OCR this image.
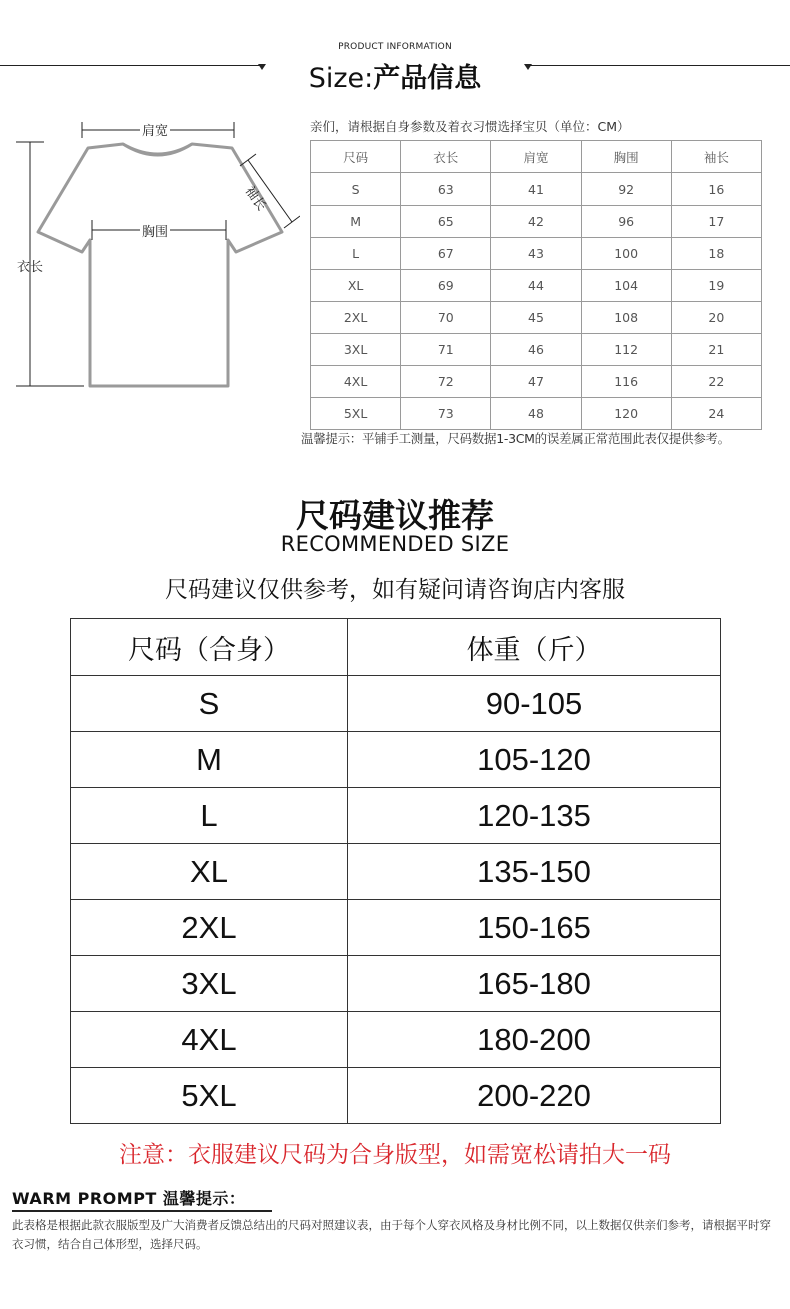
PRODUCT INFORMATION
Size:产品信息
肩宽
胸围
衣长
袖长
亲们，请根据自身参数及着衣习惯选择宝贝（单位：CM）
尺码	衣长	肩宽	胸围	袖长
S	63	41	92	16
M	65	42	96	17
L	67	43	100	18
XL	69	44	104	19
2XL	70	45	108	20
3XL	71	46	112	21
4XL	72	47	116	22
5XL	73	48	120	24
温馨提示：平铺手工测量，尺码数据1-3CM的误差属正常范围此表仅提供参考。
尺码建议推荐
RECOMMENDED SIZE
尺码建议仅供参考，如有疑问请咨询店内客服
尺码（合身）	体重（斤）
S	90-105
M	105-120
L	120-135
XL	135-150
2XL	150-165
3XL	165-180
4XL	180-200
5XL	200-220
注意：衣服建议尺码为合身版型，如需宽松请拍大一码
WARM PROMPT 温馨提示：
此表格是根据此款衣服版型及广大消费者反馈总结出的尺码对照建议表，由于每个人穿衣风格及身材比例不同，以上数据仅供亲们参考，请根据平时穿衣习惯，结合自己体形型，选择尺码。
